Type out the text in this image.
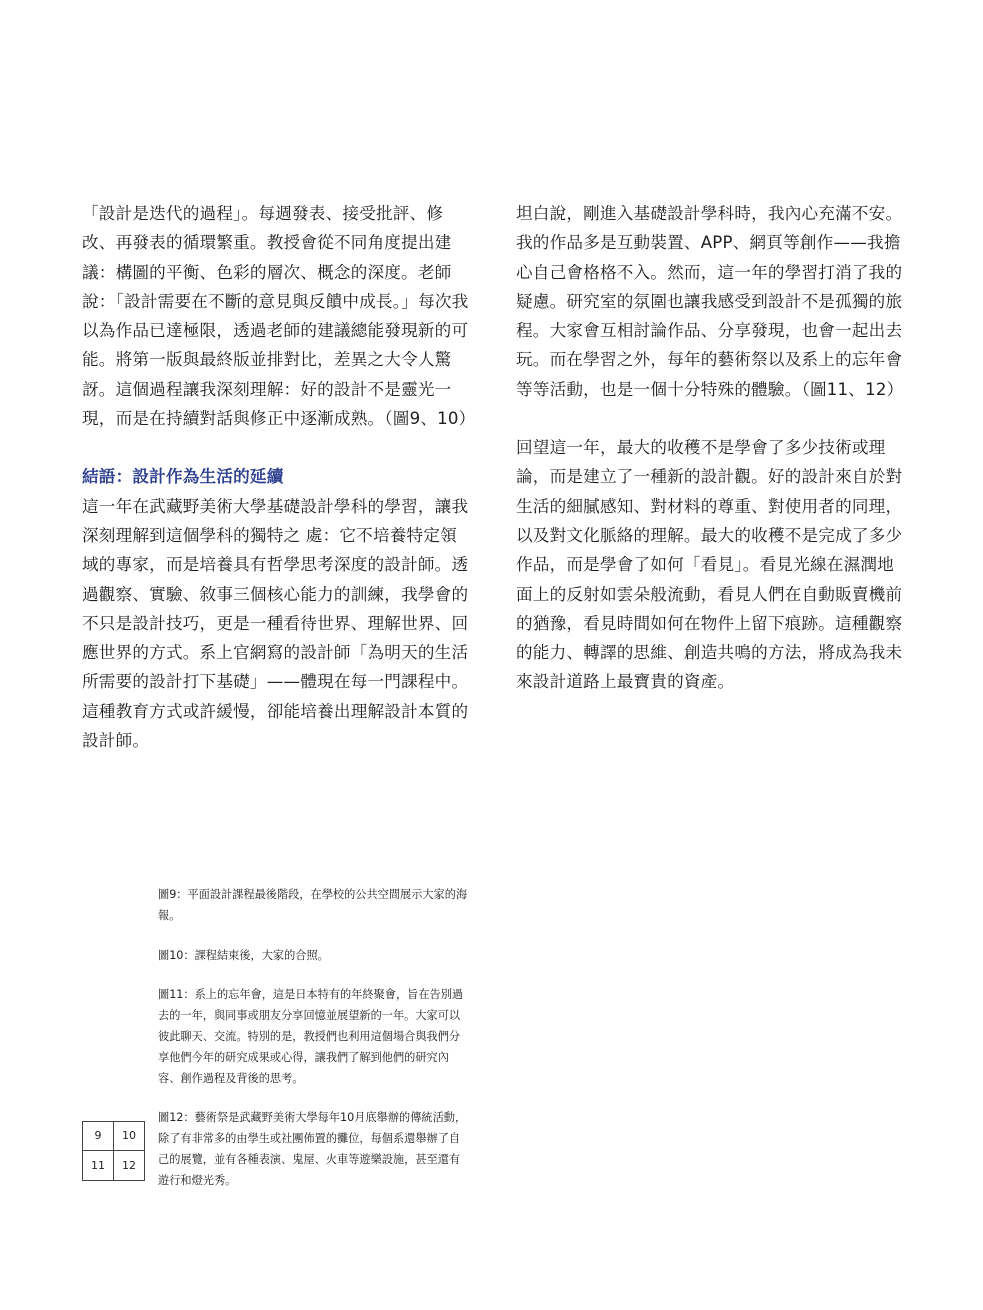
「設計是迭代的過程」。每週發表、接受批評、修改、再發表的循環繁重。教授會從不同角度提出建議：構圖的平衡、色彩的層次、概念的深度。老師說：「設計需要在不斷的意見與反饋中成長。」每次我以為作品已達極限，透過老師的建議總能發現新的可能。將第一版與最終版並排對比，差異之大令人驚訝。這個過程讓我深刻理解：好的設計不是靈光一現，而是在持續對話與修正中逐漸成熟。（圖9、10）

結語：設計作為生活的延續

這一年在武藏野美術大學基礎設計學科的學習，讓我深刻理解到這個學科的獨特之 處：它不培養特定領域的專家，而是培養具有哲學思考深度的設計師。透過觀察、實驗、敘事三個核心能力的訓練，我學會的不只是設計技巧，更是一種看待世界、理解世界、回應世界的方式。系上官網寫的設計師「為明天的生活所需要的設計打下基礎」——體現在每一門課程中。這種教育方式或許緩慢，卻能培養出理解設計本質的設計師。

坦白說，剛進入基礎設計學科時，我內心充滿不安。我的作品多是互動裝置、APP、網頁等創作——我擔心自己會格格不入。然而，這一年的學習打消了我的疑慮。研究室的氛圍也讓我感受到設計不是孤獨的旅程。大家會互相討論作品、分享發現，也會一起出去玩。而在學習之外，每年的藝術祭以及系上的忘年會等等活動，也是一個十分特殊的體驗。（圖11、12）

回望這一年，最大的收穫不是學會了多少技術或理論，而是建立了一種新的設計觀。好的設計來自於對生活的細膩感知、對材料的尊重、對使用者的同理，以及對文化脈絡的理解。最大的收穫不是完成了多少作品，而是學會了如何「看見」。看見光線在濕潤地面上的反射如雲朵般流動，看見人們在自動販賣機前的猶豫，看見時間如何在物件上留下痕跡。這種觀察的能力、轉譯的思維、創造共鳴的方法，將成為我未來設計道路上最寶貴的資產。

圖9：平面設計課程最後階段，在學校的公共空間展示大家的海報。

圖10：課程結束後，大家的合照。

圖11：系上的忘年會，這是日本特有的年終聚會，旨在告別過去的一年，與同事或朋友分享回憶並展望新的一年。大家可以彼此聊天、交流。特別的是，教授們也利用這個場合與我們分享他們今年的研究成果或心得，讓我們了解到他們的研究內容、創作過程及背後的思考。

圖12：藝術祭是武藏野美術大學每年10月底舉辦的傳統活動，除了有非常多的由學生或社團佈置的攤位，每個系還舉辦了自己的展覽，並有各種表演、鬼屋、火車等遊樂設施，甚至還有遊行和燈光秀。

9	10
11	12
